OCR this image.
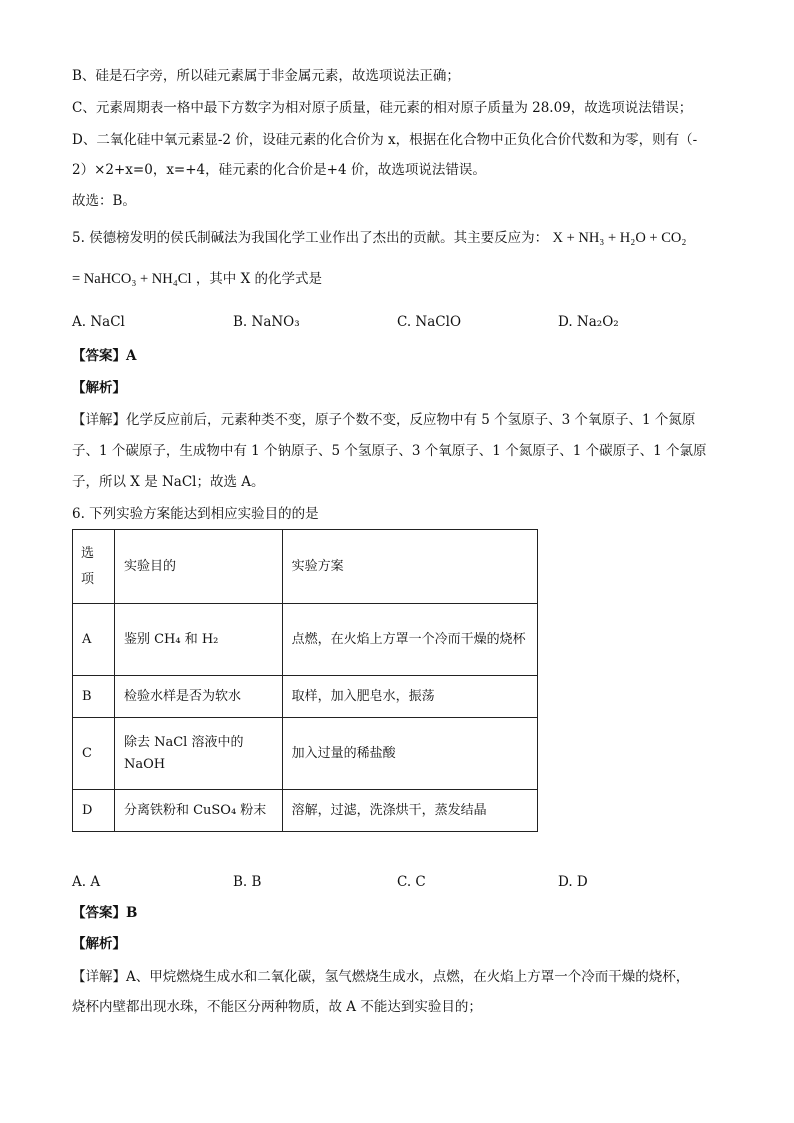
B、硅是石字旁，所以硅元素属于非金属元素，故选项说法正确；
C、元素周期表一格中最下方数字为相对原子质量，硅元素的相对原子质量为 28.09，故选项说法错误；
D、二氧化硅中氧元素显-2 价，设硅元素的化合价为 x，根据在化合物中正负化合价代数和为零，则有（-
2）×2+x=0，x=+4，硅元素的化合价是+4 价，故选项说法错误。
故选：B。
5. 侯德榜发明的侯氏制碱法为我国化学工业作出了杰出的贡献。其主要反应为： X + NH₃ + H₂O + CO₂
= NaHCO₃ + NH₄Cl ，其中 X 的化学式是
A. NaCl	B. NaNO₃	C. NaClO	D. Na₂O₂
【答案】A
【解析】
【详解】化学反应前后，元素种类不变，原子个数不变，反应物中有 5 个氢原子、3 个氧原子、1 个氮原
子、1 个碳原子，生成物中有 1 个钠原子、5 个氢原子、3 个氧原子、1 个氮原子、1 个碳原子、1 个氯原
子，所以 X 是 NaCl；故选 A。
6. 下列实验方案能达到相应实验目的的是
选项	实验目的	实验方案
A	鉴别 CH₄ 和 H₂	点燃，在火焰上方罩一个冷而干燥的烧杯
B	检验水样是否为软水	取样，加入肥皂水，振荡
C	除去 NaCl 溶液中的 NaOH	加入过量的稀盐酸
D	分离铁粉和 CuSO₄ 粉末	溶解，过滤，洗涤烘干，蒸发结晶
A. A	B. B	C. C	D. D
【答案】B
【解析】
【详解】A、甲烷燃烧生成水和二氧化碳，氢气燃烧生成水，点燃，在火焰上方罩一个冷而干燥的烧杯，
烧杯内壁都出现水珠，不能区分两种物质，故 A 不能达到实验目的；
